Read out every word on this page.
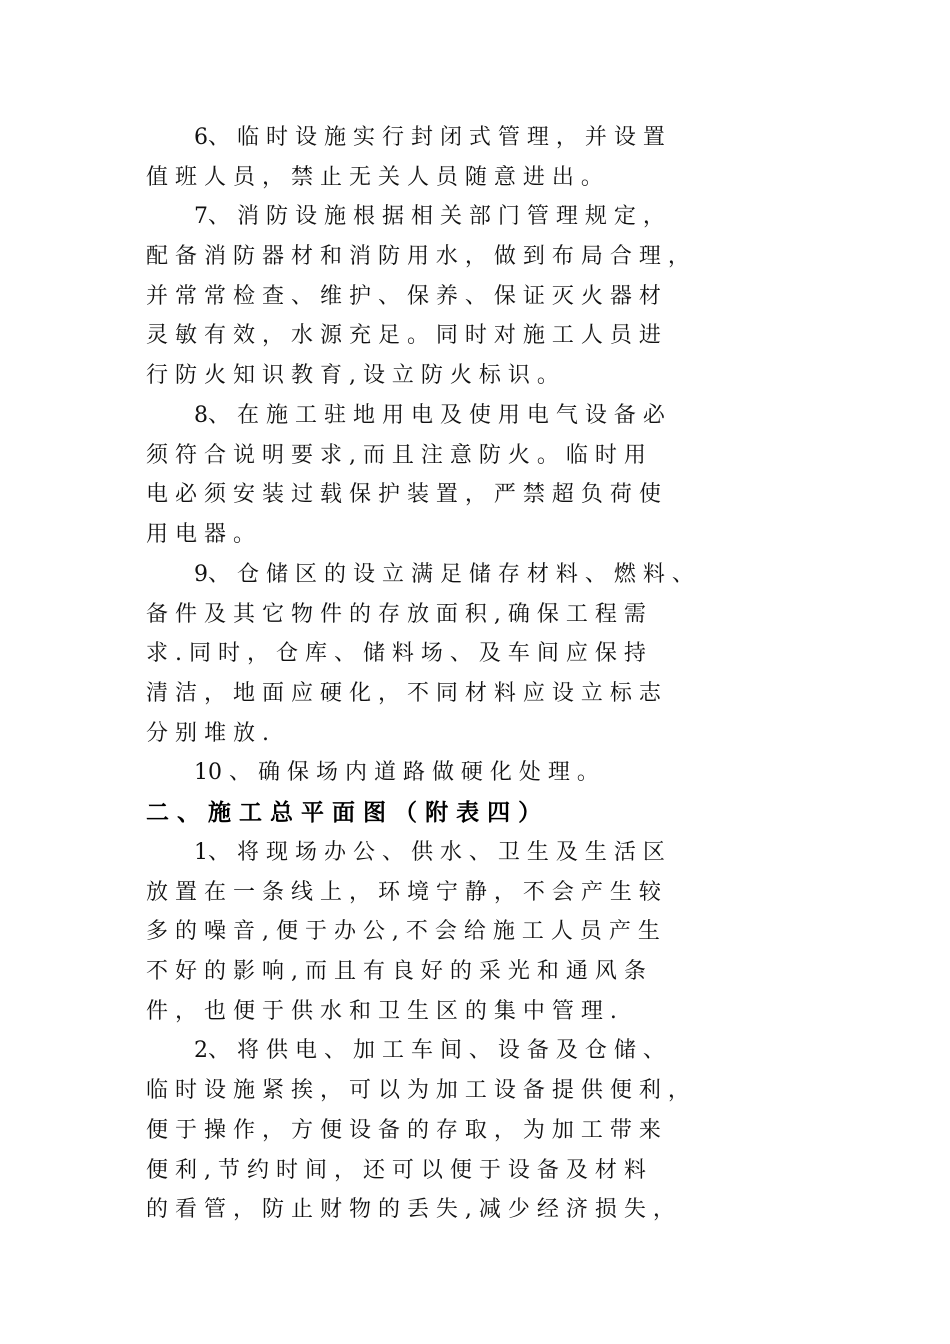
6、 临 时 设 施 实 行 封 闭 式 管 理 ， 并 设 置
值 班 人 员 ， 禁 止 无 关 人 员 随 意 进 出 。
7、 消 防 设 施 根 据 相 关 部 门 管 理 规 定 ，
配 备 消 防 器 材 和 消 防 用 水 ， 做 到 布 局 合 理 ，
并 常 常 检 查 、 维 护 、 保 养 、 保 证 灭 火 器 材
灵 敏 有 效 ， 水 源 充 足 。 同 时 对 施 工 人 员 进
行 防 火 知 识 教 育 , 设 立 防 火 标 识 。
8、 在 施 工 驻 地 用 电 及 使 用 电 气 设 备 必
须 符 合 说 明 要 求 , 而 且 注 意 防 火 。 临 时 用
电 必 须 安 装 过 载 保 护 装 置 ， 严 禁 超 负 荷 使
用 电 器 。
9、 仓 储 区 的 设 立 满 足 储 存 材 料 、 燃 料 、
备 件 及 其 它 物 件 的 存 放 面 积 , 确 保 工 程 需
求 . 同 时 ， 仓 库 、 储 料 场 、 及 车 间 应 保 持
清 洁 ， 地 面 应 硬 化 ， 不 同 材 料 应 设 立 标 志
分 别 堆 放 .
10 、 确 保 场 内 道 路 做 硬 化 处 理 。
二 、 施 工 总 平 面 图 （ 附 表 四 ）
1、 将 现 场 办 公 、 供 水 、 卫 生 及 生 活 区
放 置 在 一 条 线 上 ， 环 境 宁 静 ， 不 会 产 生 较
多 的 噪 音 , 便 于 办 公 , 不 会 给 施 工 人 员 产 生
不 好 的 影 响 , 而 且 有 良 好 的 采 光 和 通 风 条
件 ， 也 便 于 供 水 和 卫 生 区 的 集 中 管 理 .
2、 将 供 电 、 加 工 车 间 、 设 备 及 仓 储 、
临 时 设 施 紧 挨 ， 可 以 为 加 工 设 备 提 供 便 利 ，
便 于 操 作 ， 方 便 设 备 的 存 取 ， 为 加 工 带 来
便 利 , 节 约 时 间 ， 还 可 以 便 于 设 备 及 材 料
的 看 管 ， 防 止 财 物 的 丢 失 , 减 少 经 济 损 失 ，
